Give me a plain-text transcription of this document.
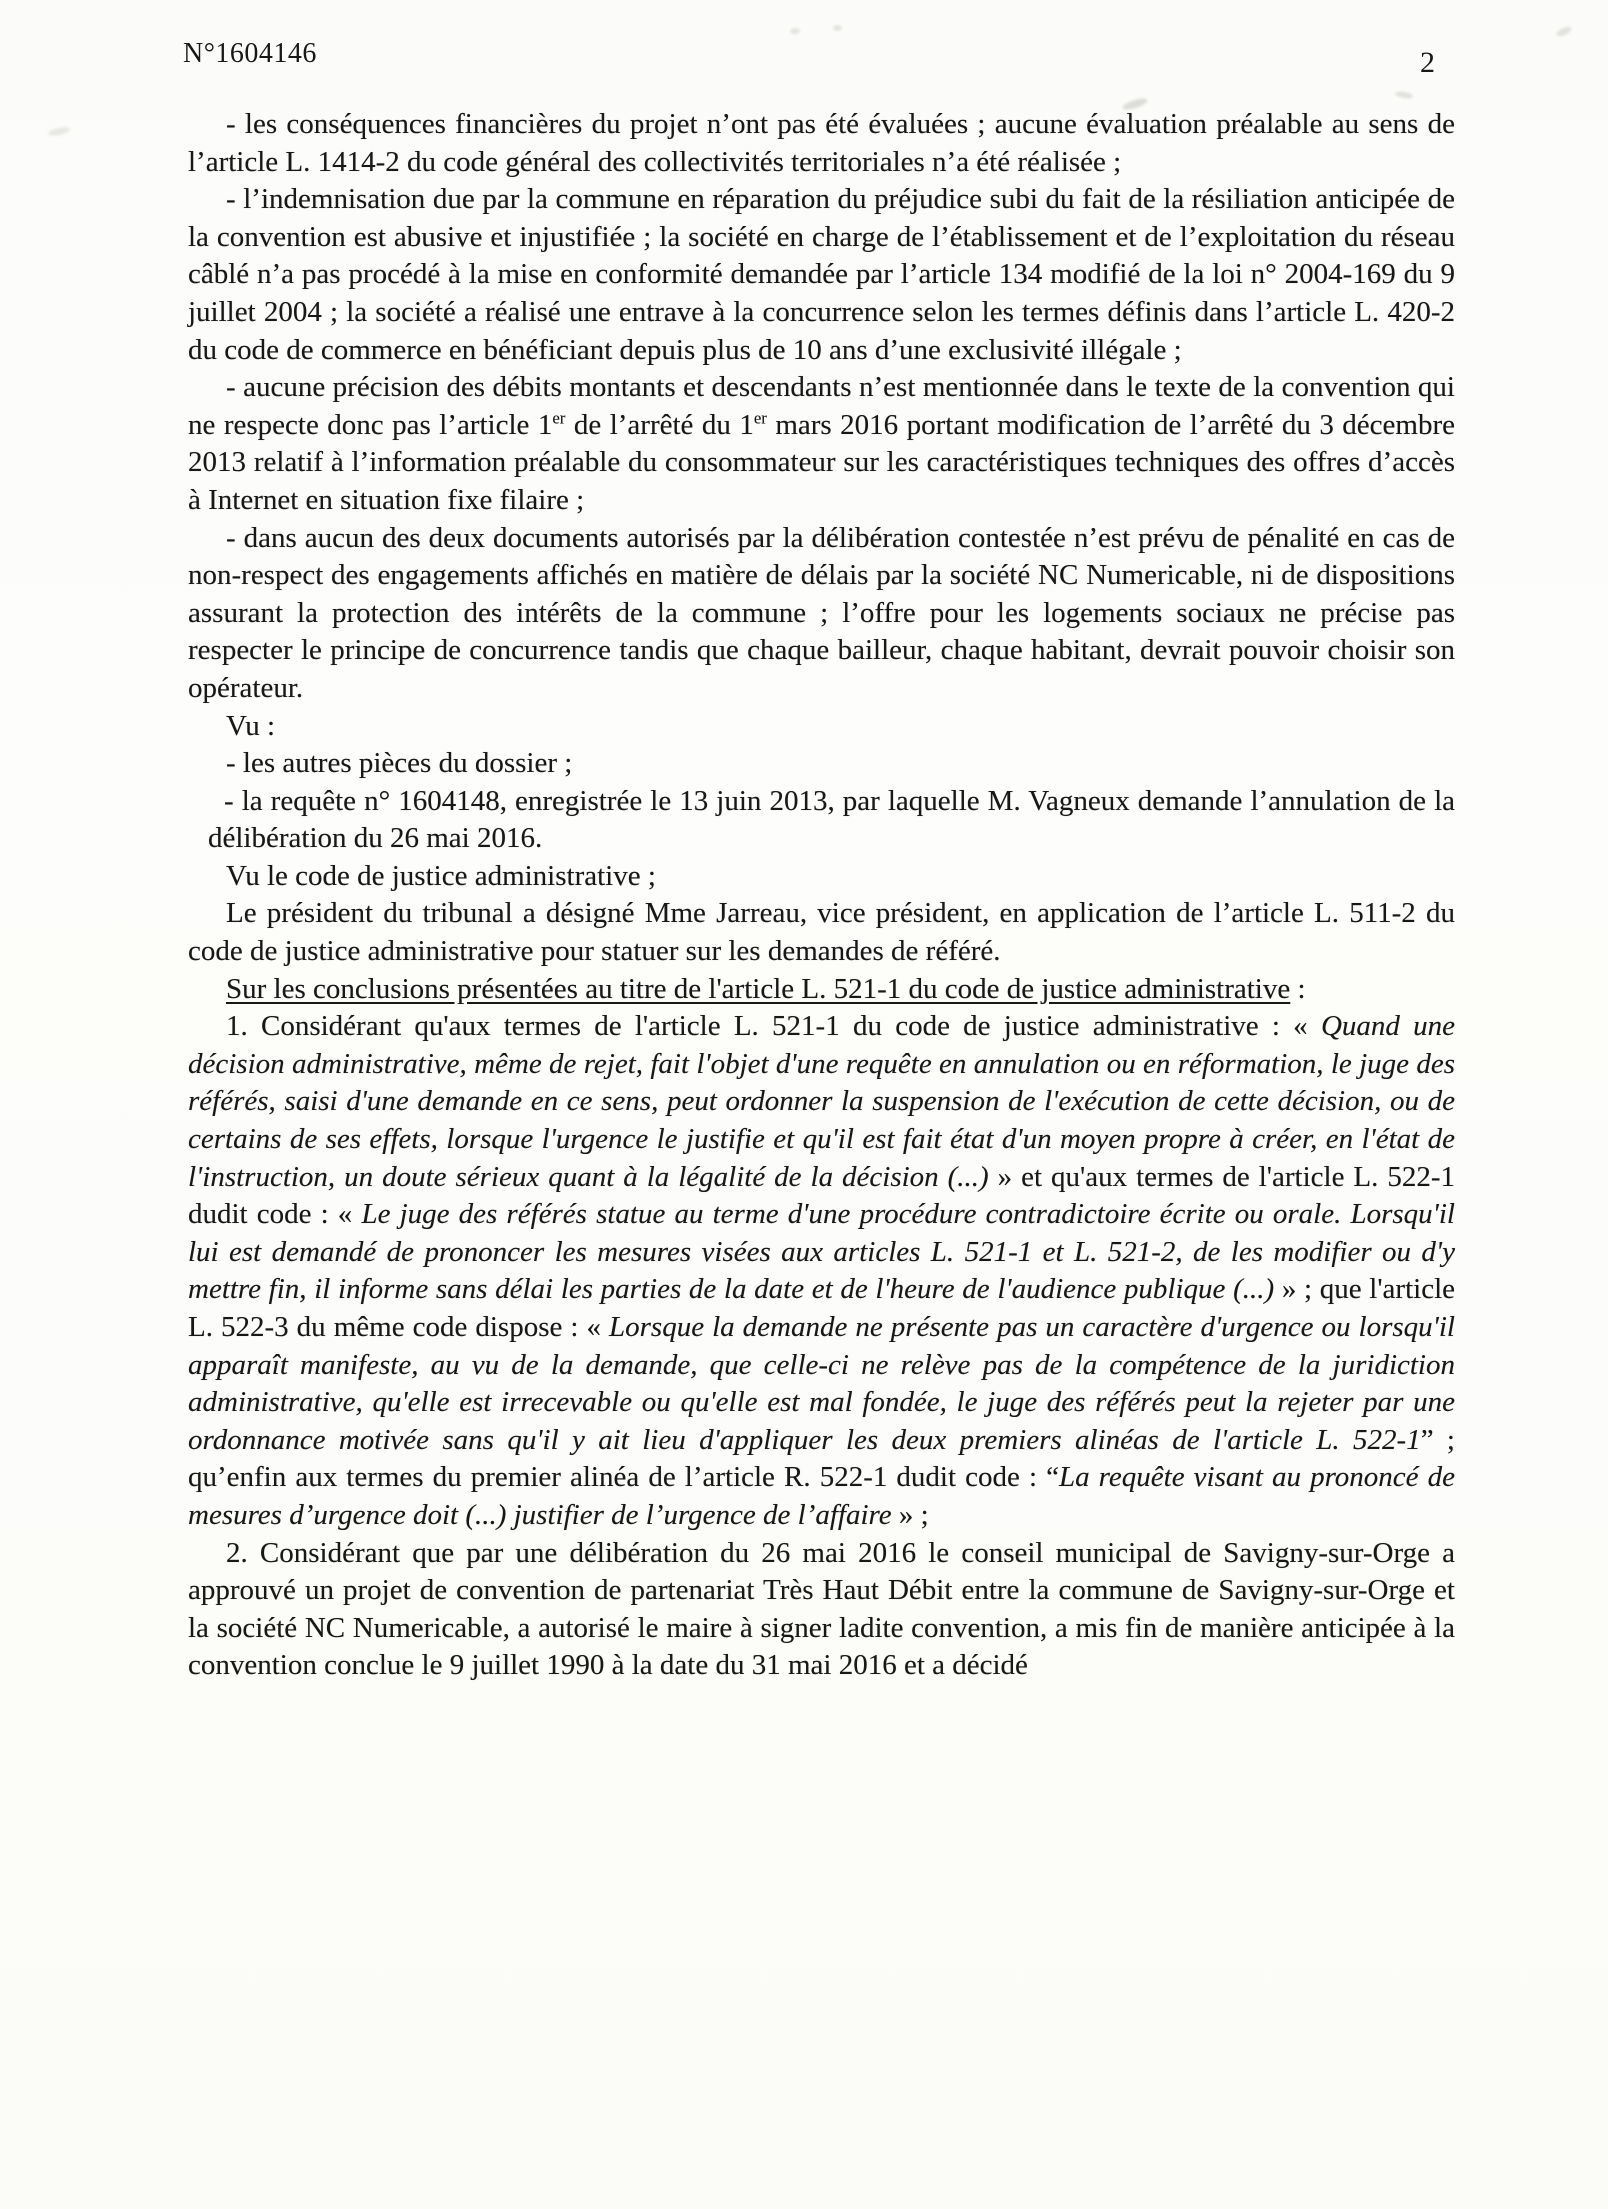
N°1604146	2

- les conséquences financières du projet n’ont pas été évaluées ; aucune évaluation préalable au sens de l’article L. 1414-2 du code général des collectivités territoriales n’a été réalisée ;

- l’indemnisation due par la commune en réparation du préjudice subi du fait de la résiliation anticipée de la convention est abusive et injustifiée ; la société en charge de l’établissement et de l’exploitation du réseau câblé n’a pas procédé à la mise en conformité demandée par l’article 134 modifié de la loi n° 2004-169 du 9 juillet 2004 ; la société a réalisé une entrave à la concurrence selon les termes définis dans l’article L. 420-2 du code de commerce en bénéficiant depuis plus de 10 ans d’une exclusivité illégale ;

- aucune précision des débits montants et descendants n’est mentionnée dans le texte de la convention qui ne respecte donc pas l’article 1er de l’arrêté du 1er mars 2016 portant modification de l’arrêté du 3 décembre 2013 relatif à l’information préalable du consommateur sur les caractéristiques techniques des offres d’accès à Internet en situation fixe filaire ;

- dans aucun des deux documents autorisés par la délibération contestée n’est prévu de pénalité en cas de non-respect des engagements affichés en matière de délais par la société NC Numericable, ni de dispositions assurant la protection des intérêts de la commune ; l’offre pour les logements sociaux ne précise pas respecter le principe de concurrence tandis que chaque bailleur, chaque habitant, devrait pouvoir choisir son opérateur.

Vu :

- les autres pièces du dossier ;

- la requête n° 1604148, enregistrée le 13 juin 2013, par laquelle M. Vagneux demande l’annulation de la délibération du 26 mai 2016.

Vu le code de justice administrative ;

Le président du tribunal a désigné Mme Jarreau, vice président, en application de l’article L. 511-2 du code de justice administrative pour statuer sur les demandes de référé.

Sur les conclusions présentées au titre de l'article L. 521-1 du code de justice administrative :

1. Considérant qu'aux termes de l'article L. 521-1 du code de justice administrative : « Quand une décision administrative, même de rejet, fait l'objet d'une requête en annulation ou en réformation, le juge des référés, saisi d'une demande en ce sens, peut ordonner la suspension de l'exécution de cette décision, ou de certains de ses effets, lorsque l'urgence le justifie et qu'il est fait état d'un moyen propre à créer, en l'état de l'instruction, un doute sérieux quant à la légalité de la décision (...) » et qu'aux termes de l'article L. 522-1 dudit code : « Le juge des référés statue au terme d'une procédure contradictoire écrite ou orale. Lorsqu'il lui est demandé de prononcer les mesures visées aux articles L. 521-1 et L. 521-2, de les modifier ou d'y mettre fin, il informe sans délai les parties de la date et de l'heure de l'audience publique (...) » ; que l'article L. 522-3 du même code dispose : « Lorsque la demande ne présente pas un caractère d'urgence ou lorsqu'il apparaît manifeste, au vu de la demande, que celle-ci ne relève pas de la compétence de la juridiction administrative, qu'elle est irrecevable ou qu'elle est mal fondée, le juge des référés peut la rejeter par une ordonnance motivée sans qu'il y ait lieu d'appliquer les deux premiers alinéas de l'article L. 522-1” ; qu’enfin aux termes du premier alinéa de l’article R. 522-1 dudit code : “La requête visant au prononcé de mesures d’urgence doit (...) justifier de l’urgence de l’affaire » ;

2. Considérant que par une délibération du 26 mai 2016 le conseil municipal de Savigny-sur-Orge a approuvé un projet de convention de partenariat Très Haut Débit entre la commune de Savigny-sur-Orge et la société NC Numericable, a autorisé le maire à signer ladite convention, a mis fin de manière anticipée à la convention conclue le 9 juillet 1990 à la date du 31 mai 2016 et a décidé
